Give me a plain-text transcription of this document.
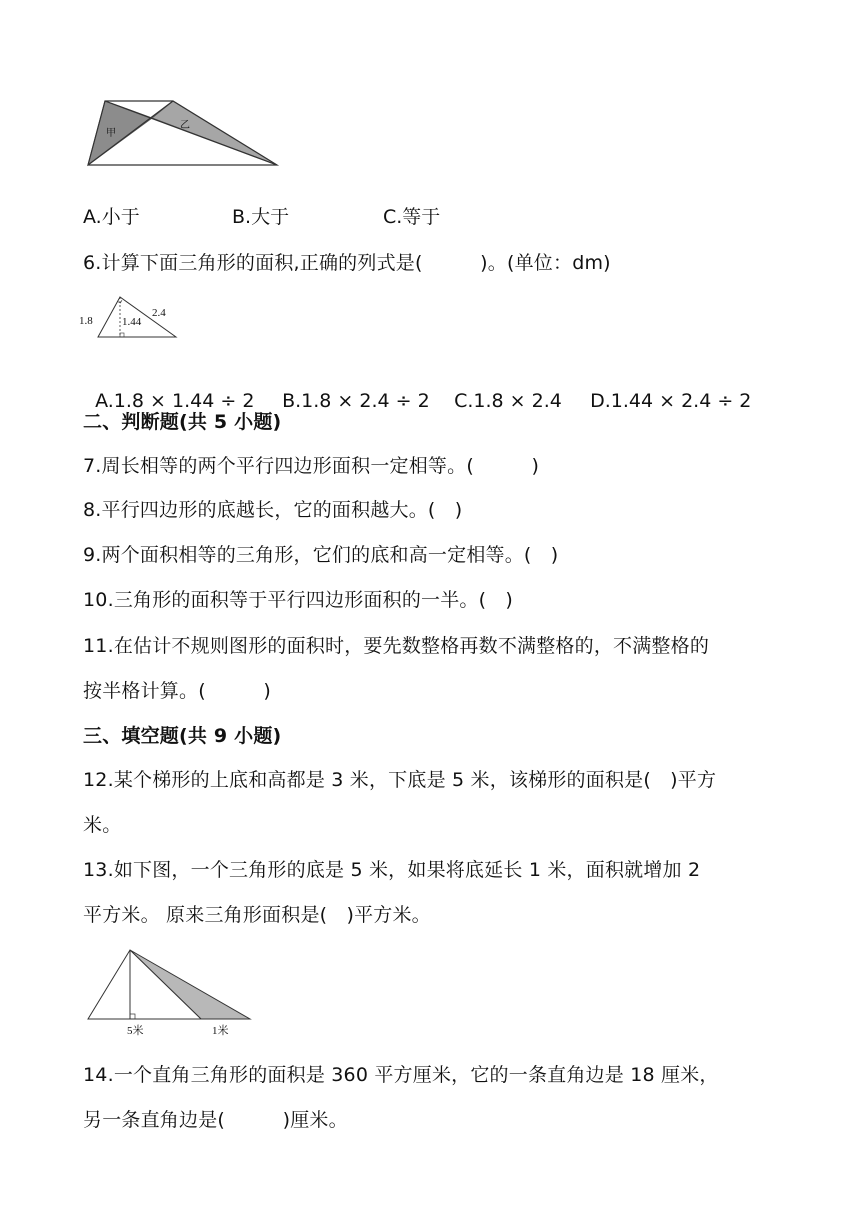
甲
乙
A.小于	B.大于	C.等于
6.计算下面三角形的面积,正确的列式是(　　　)。(单位：dm)
1.8	1.44
2.4

A.1.8 × 1.44 ÷ 2	B.1.8 × 2.4 ÷ 2	C.1.8 × 2.4	D.1.44 × 2.4 ÷ 2

二、判断题(共 5 小题)
7.周长相等的两个平行四边形面积一定相等。(　　　)
8.平行四边形的底越长，它的面积越大。(　)
9.两个面积相等的三角形，它们的底和高一定相等。(　)
10.三角形的面积等于平行四边形面积的一半。(　)
11.在估计不规则图形的面积时，要先数整格再数不满整格的，不满整格的
按半格计算。(　　　)
三、填空题(共 9 小题)
12.某个梯形的上底和高都是 3 米，下底是 5 米，该梯形的面积是(　)平方
米。
13.如下图，一个三角形的底是 5 米，如果将底延长 1 米，面积就增加 2
平方米。 原来三角形面积是(　)平方米。
5米	1米
14.一个直角三角形的面积是 360 平方厘米，它的一条直角边是 18 厘米，
另一条直角边是(　　　)厘米。
